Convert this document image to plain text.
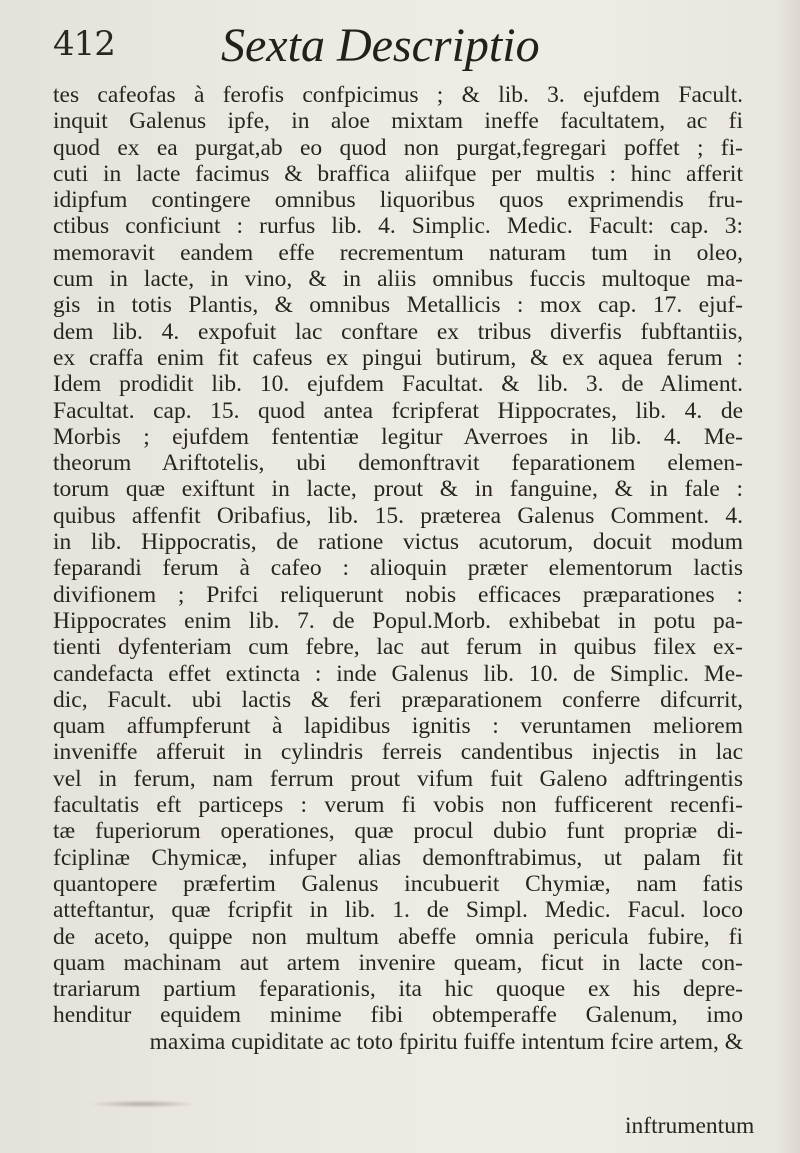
412 Sexta Descriptio
tes cafeofas à ferofis confpicimus ; & lib. 3. ejufdem Facult.
inquit Galenus ipfe, in aloe mixtam ineffe facultatem, ac fi
quod ex ea purgat,ab eo quod non purgat,fegregari poffet ; fi-
cuti in lacte facimus & braffica aliifque per multis : hinc afferit
idipfum contingere omnibus liquoribus quos exprimendis fru-
ctibus conficiunt : rurfus lib. 4. Simplic. Medic. Facult: cap. 3:
memoravit eandem effe recrementum naturam tum in oleo,
cum in lacte, in vino, & in aliis omnibus fuccis multoque ma-
gis in totis Plantis, & omnibus Metallicis : mox cap. 17. ejuf-
dem lib. 4. expofuit lac conftare ex tribus diverfis fubftantiis,
ex craffa enim fit cafeus ex pingui butirum, & ex aquea ferum :
Idem prodidit lib. 10. ejufdem Facultat. & lib. 3. de Aliment.
Facultat. cap. 15. quod antea fcripferat Hippocrates, lib. 4. de
Morbis ; ejufdem fententiæ legitur Averroes in lib. 4. Me-
theorum Ariftotelis, ubi demonftravit feparationem elemen-
torum quæ exiftunt in lacte, prout & in fanguine, & in fale :
quibus affenfit Oribafius, lib. 15. præterea Galenus Comment. 4.
in lib. Hippocratis, de ratione victus acutorum, docuit modum
feparandi ferum à cafeo : alioquin præter elementorum lactis
divifionem ; Prifci reliquerunt nobis efficaces præparationes :
Hippocrates enim lib. 7. de Popul.Morb. exhibebat in potu pa-
tienti dyfenteriam cum febre, lac aut ferum in quibus filex ex-
candefacta effet extincta : inde Galenus lib. 10. de Simplic. Me-
dic, Facult. ubi lactis & feri præparationem conferre difcurrit,
quam affumpferunt à lapidibus ignitis : veruntamen meliorem
inveniffe afferuit in cylindris ferreis candentibus injectis in lac
vel in ferum, nam ferrum prout vifum fuit Galeno adftringentis
facultatis eft particeps : verum fi vobis non fufficerent recenfi-
tæ fuperiorum operationes, quæ procul dubio funt propriæ di-
fciplinæ Chymicæ, infuper alias demonftrabimus, ut palam fit
quantopere præfertim Galenus incubuerit Chymiæ, nam fatis
atteftantur, quæ fcripfit in lib. 1. de Simpl. Medic. Facul. loco
de aceto, quippe non multum abeffe omnia pericula fubire, fi
quam machinam aut artem invenire queam, ficut in lacte con-
trariarum partium feparationis, ita hic quoque ex his depre-
henditur equidem minime fibi obtemperaffe Galenum, imo
maxima cupiditate ac toto fpiritu fuiffe intentum fcire artem, &
inftrumentum
